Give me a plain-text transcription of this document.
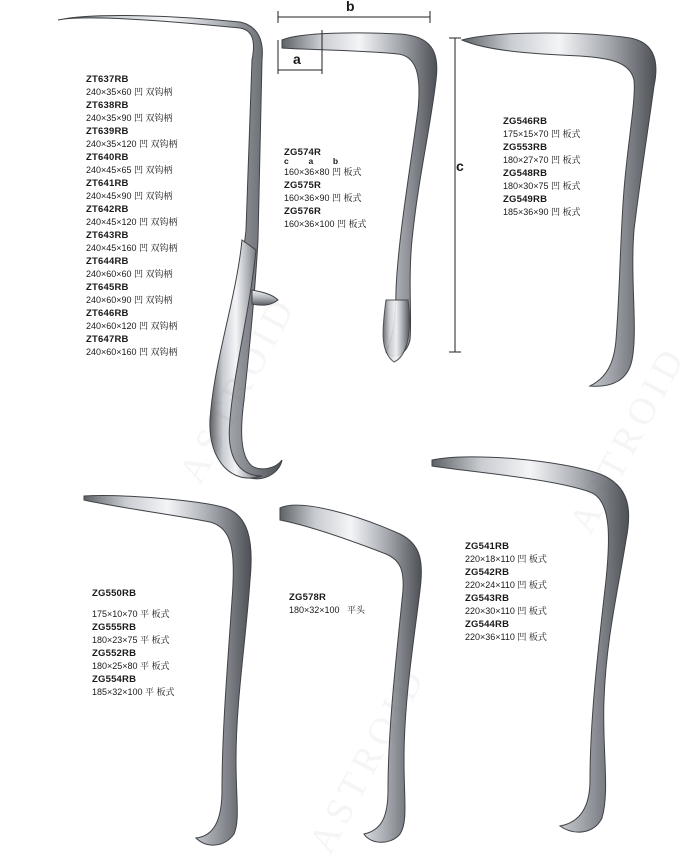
ASTROID
ASTROID
ASTROID
b
a
c
ZT637RB
240×35×60 凹 双钩柄
ZT638RB
240×35×90 凹 双钩柄
ZT639RB
240×35×120 凹 双钩柄
ZT640RB
240×45×65 凹 双钩柄
ZT641RB
240×45×90 凹 双钩柄
ZT642RB
240×45×120 凹 双钩柄
ZT643RB
240×45×160 凹 双钩柄
ZT644RB
240×60×60 凹 双钩柄
ZT645RB
240×60×90 凹 双钩柄
ZT646RB
240×60×120 凹 双钩柄
ZT647RB
240×60×160 凹 双钩柄
ZG574R
c  a  b
160×36×80 凹 板式
ZG575R
160×36×90 凹 板式
ZG576R
160×36×100 凹 板式
ZG546RB
175×15×70 凹 板式
ZG553RB
180×27×70 凹 板式
ZG548RB
180×30×75 凹 板式
ZG549RB
185×36×90 凹 板式
ZG550RB
175×10×70 平 板式
ZG555RB
180×23×75 平 板式
ZG552RB
180×25×80 平 板式
ZG554RB
185×32×100 平 板式
ZG578R
180×32×100   平头
ZG541RB
220×18×110 凹 板式
ZG542RB
220×24×110 凹 板式
ZG543RB
220×30×110 凹 板式
ZG544RB
220×36×110 凹 板式
